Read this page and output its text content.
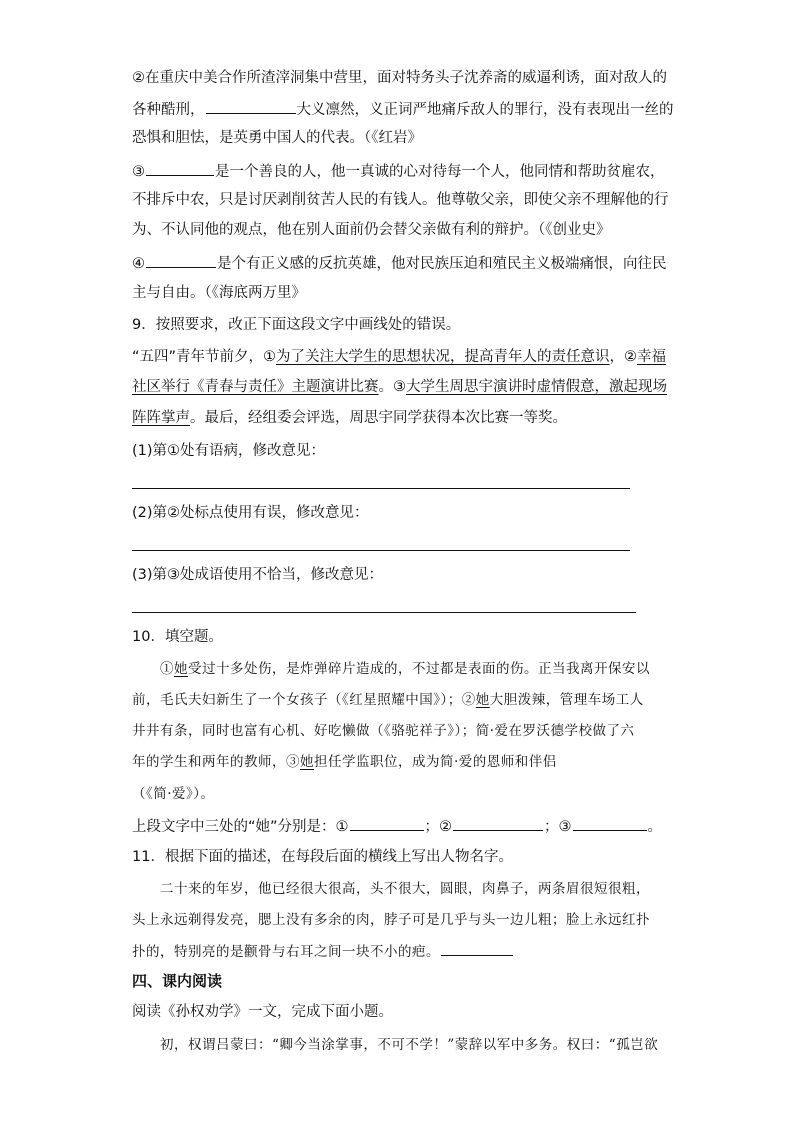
②在重庆中美合作所渣滓洞集中营里，面对特务头子沈养斋的威逼利诱，面对敌人的
各种酷刑，	大义凛然，义正词严地痛斥敌人的罪行，没有表现出一丝的
恐惧和胆怯，是英勇中国人的代表。（《红岩》
③	是一个善良的人，他一真诚的心对待每一个人，他同情和帮助贫雇农，
不排斥中农，只是讨厌剥削贫苦人民的有钱人。他尊敬父亲，即使父亲不理解他的行
为、不认同他的观点，他在别人面前仍会替父亲做有利的辩护。（《创业史》
④	是个有正义感的反抗英雄，他对民族压迫和殖民主义极端痛恨，向往民
主与自由。（《海底两万里》
9．按照要求，改正下面这段文字中画线处的错误。
“五四”青年节前夕，①为了关注大学生的思想状况，提高青年人的责任意识，②幸福
社区举行《青春与责任》主题演讲比赛。③大学生周思宇演讲时虚情假意，激起现场
阵阵掌声。最后，经组委会评选，周思宇同学获得本次比赛一等奖。
(1)第①处有语病，修改意见：
(2)第②处标点使用有误，修改意见：
(3)第③处成语使用不恰当，修改意见：
10．填空题。
①她受过十多处伤，是炸弹碎片造成的，不过都是表面的伤。正当我离开保安以
前，毛氏夫妇新生了一个女孩子（《红星照耀中国》）；②她大胆泼辣，管理车场工人
井井有条，同时也富有心机、好吃懒做（《骆驼祥子》）；简·爱在罗沃德学校做了六
年的学生和两年的教师，③她担任学监职位，成为简·爱的恩师和伴侣
（《简·爱》）。
上段文字中三处的“她”分别是：①	；②	；③	。
11．根据下面的描述，在每段后面的横线上写出人物名字。
二十来的年岁，他已经很大很高，头不很大，圆眼，肉鼻子，两条眉很短很粗，
头上永远剃得发亮，腮上没有多余的肉，脖子可是几乎与头一边儿粗；脸上永远红扑
扑的，特别亮的是颧骨与右耳之间一块不小的疤。
四、课内阅读
阅读《孙权劝学》一文，完成下面小题。
初，权谓吕蒙曰：“卿今当涂掌事，不可不学！”蒙辞以军中多务。权曰：“孤岂欲
